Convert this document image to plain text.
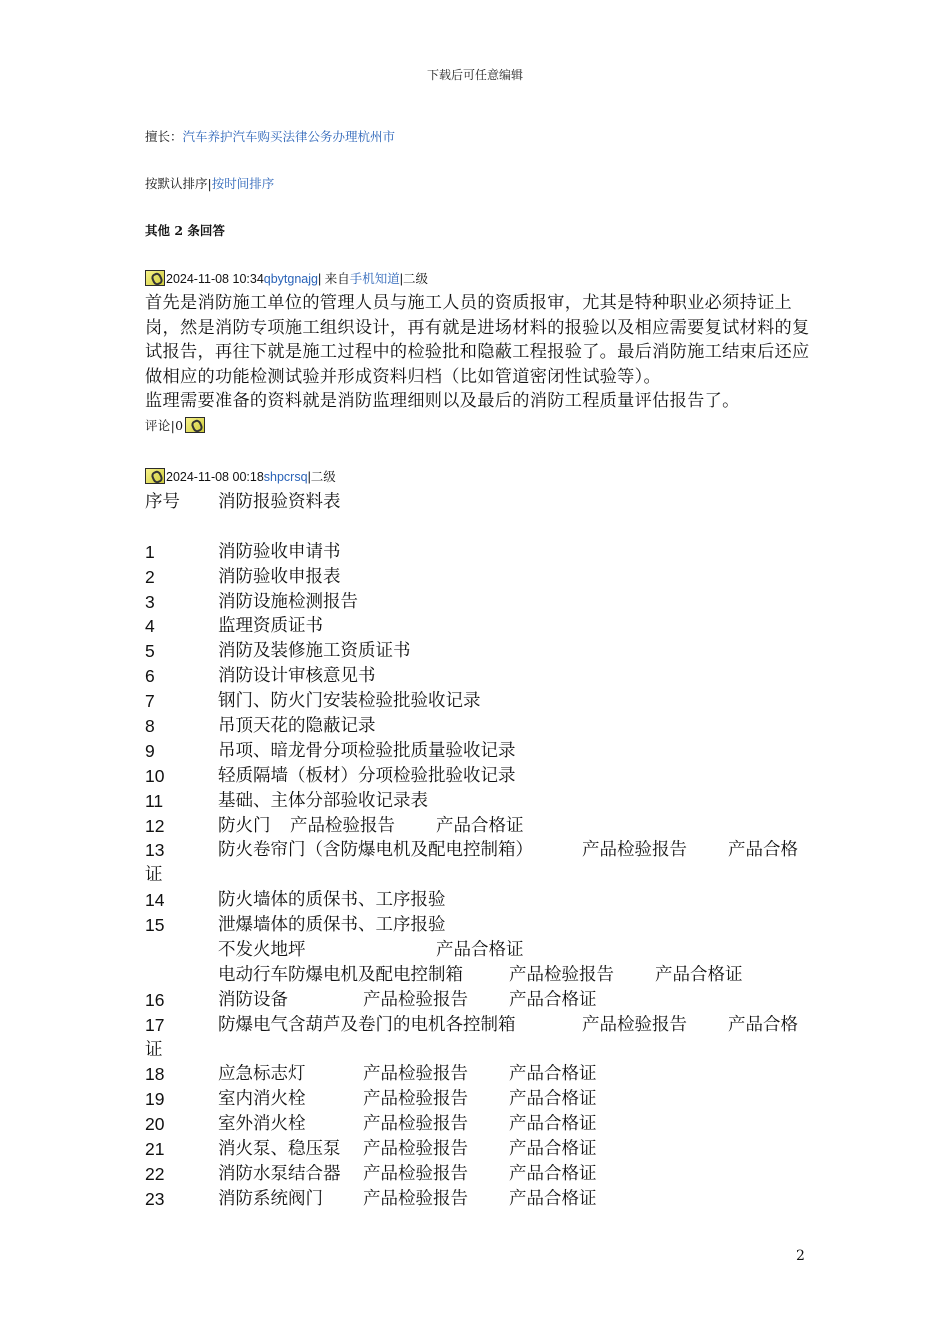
下载后可任意编辑
擅长：汽车养护汽车购买法律公务办理杭州市
按默认排序|按时间排序
其他 2 条回答
2024-11-08 10:34qbytgnajg| 来自手机知道|二级

首先是消防施工单位的管理人员与施工人员的资质报审，尤其是特种职业必须持证上岗，然是消防专项施工组织设计，再有就是进场材料的报验以及相应需要复试材料的复试报告，再往下就是施工过程中的检验批和隐蔽工程报验了。最后消防施工结束后还应做相应的功能检测试验并形成资料归档（比如管道密闭性试验等）。

监理需要准备的资料就是消防监理细则以及最后的消防工程质量评估报告了。

评论|0
2024-11-08 00:18shpcrsq|二级
序号 消防报验资料表
1	消防验收申请书
2	消防验收申报表
3	消防设施检测报告
4	监理资质证书
5	消防及装修施工资质证书
6	消防设计审核意见书
7	钢门、防火门安装检验批验收记录
8	吊顶天花的隐蔽记录
9	吊项、暗龙骨分项检验批质量验收记录
10	轻质隔墙（板材）分项检验批验收记录
11	基础、主体分部验收记录表
12	防火门 产品检验报告 产品合格证
13	防火卷帘门（含防爆电机及配电控制箱）	产品检验报告 产品合格
证
14	防火墙体的质保书、工序报验
15	泄爆墙体的质保书、工序报验
不发火地坪	产品合格证
电动行车防爆电机及配电控制箱	产品检验报告 产品合格证
16	消防设备	产品检验报告 产品合格证
17	防爆电气含葫芦及卷门的电机各控制箱	产品检验报告 产品合格
证
18	应急标志灯	产品检验报告 产品合格证
19	室内消火栓	产品检验报告 产品合格证
20	室外消火栓	产品检验报告 产品合格证
21	消火泵、稳压泵 产品检验报告 产品合格证
22	消防水泵结合器 产品检验报告 产品合格证
23	消防系统阀门 产品检验报告 产品合格证
2
